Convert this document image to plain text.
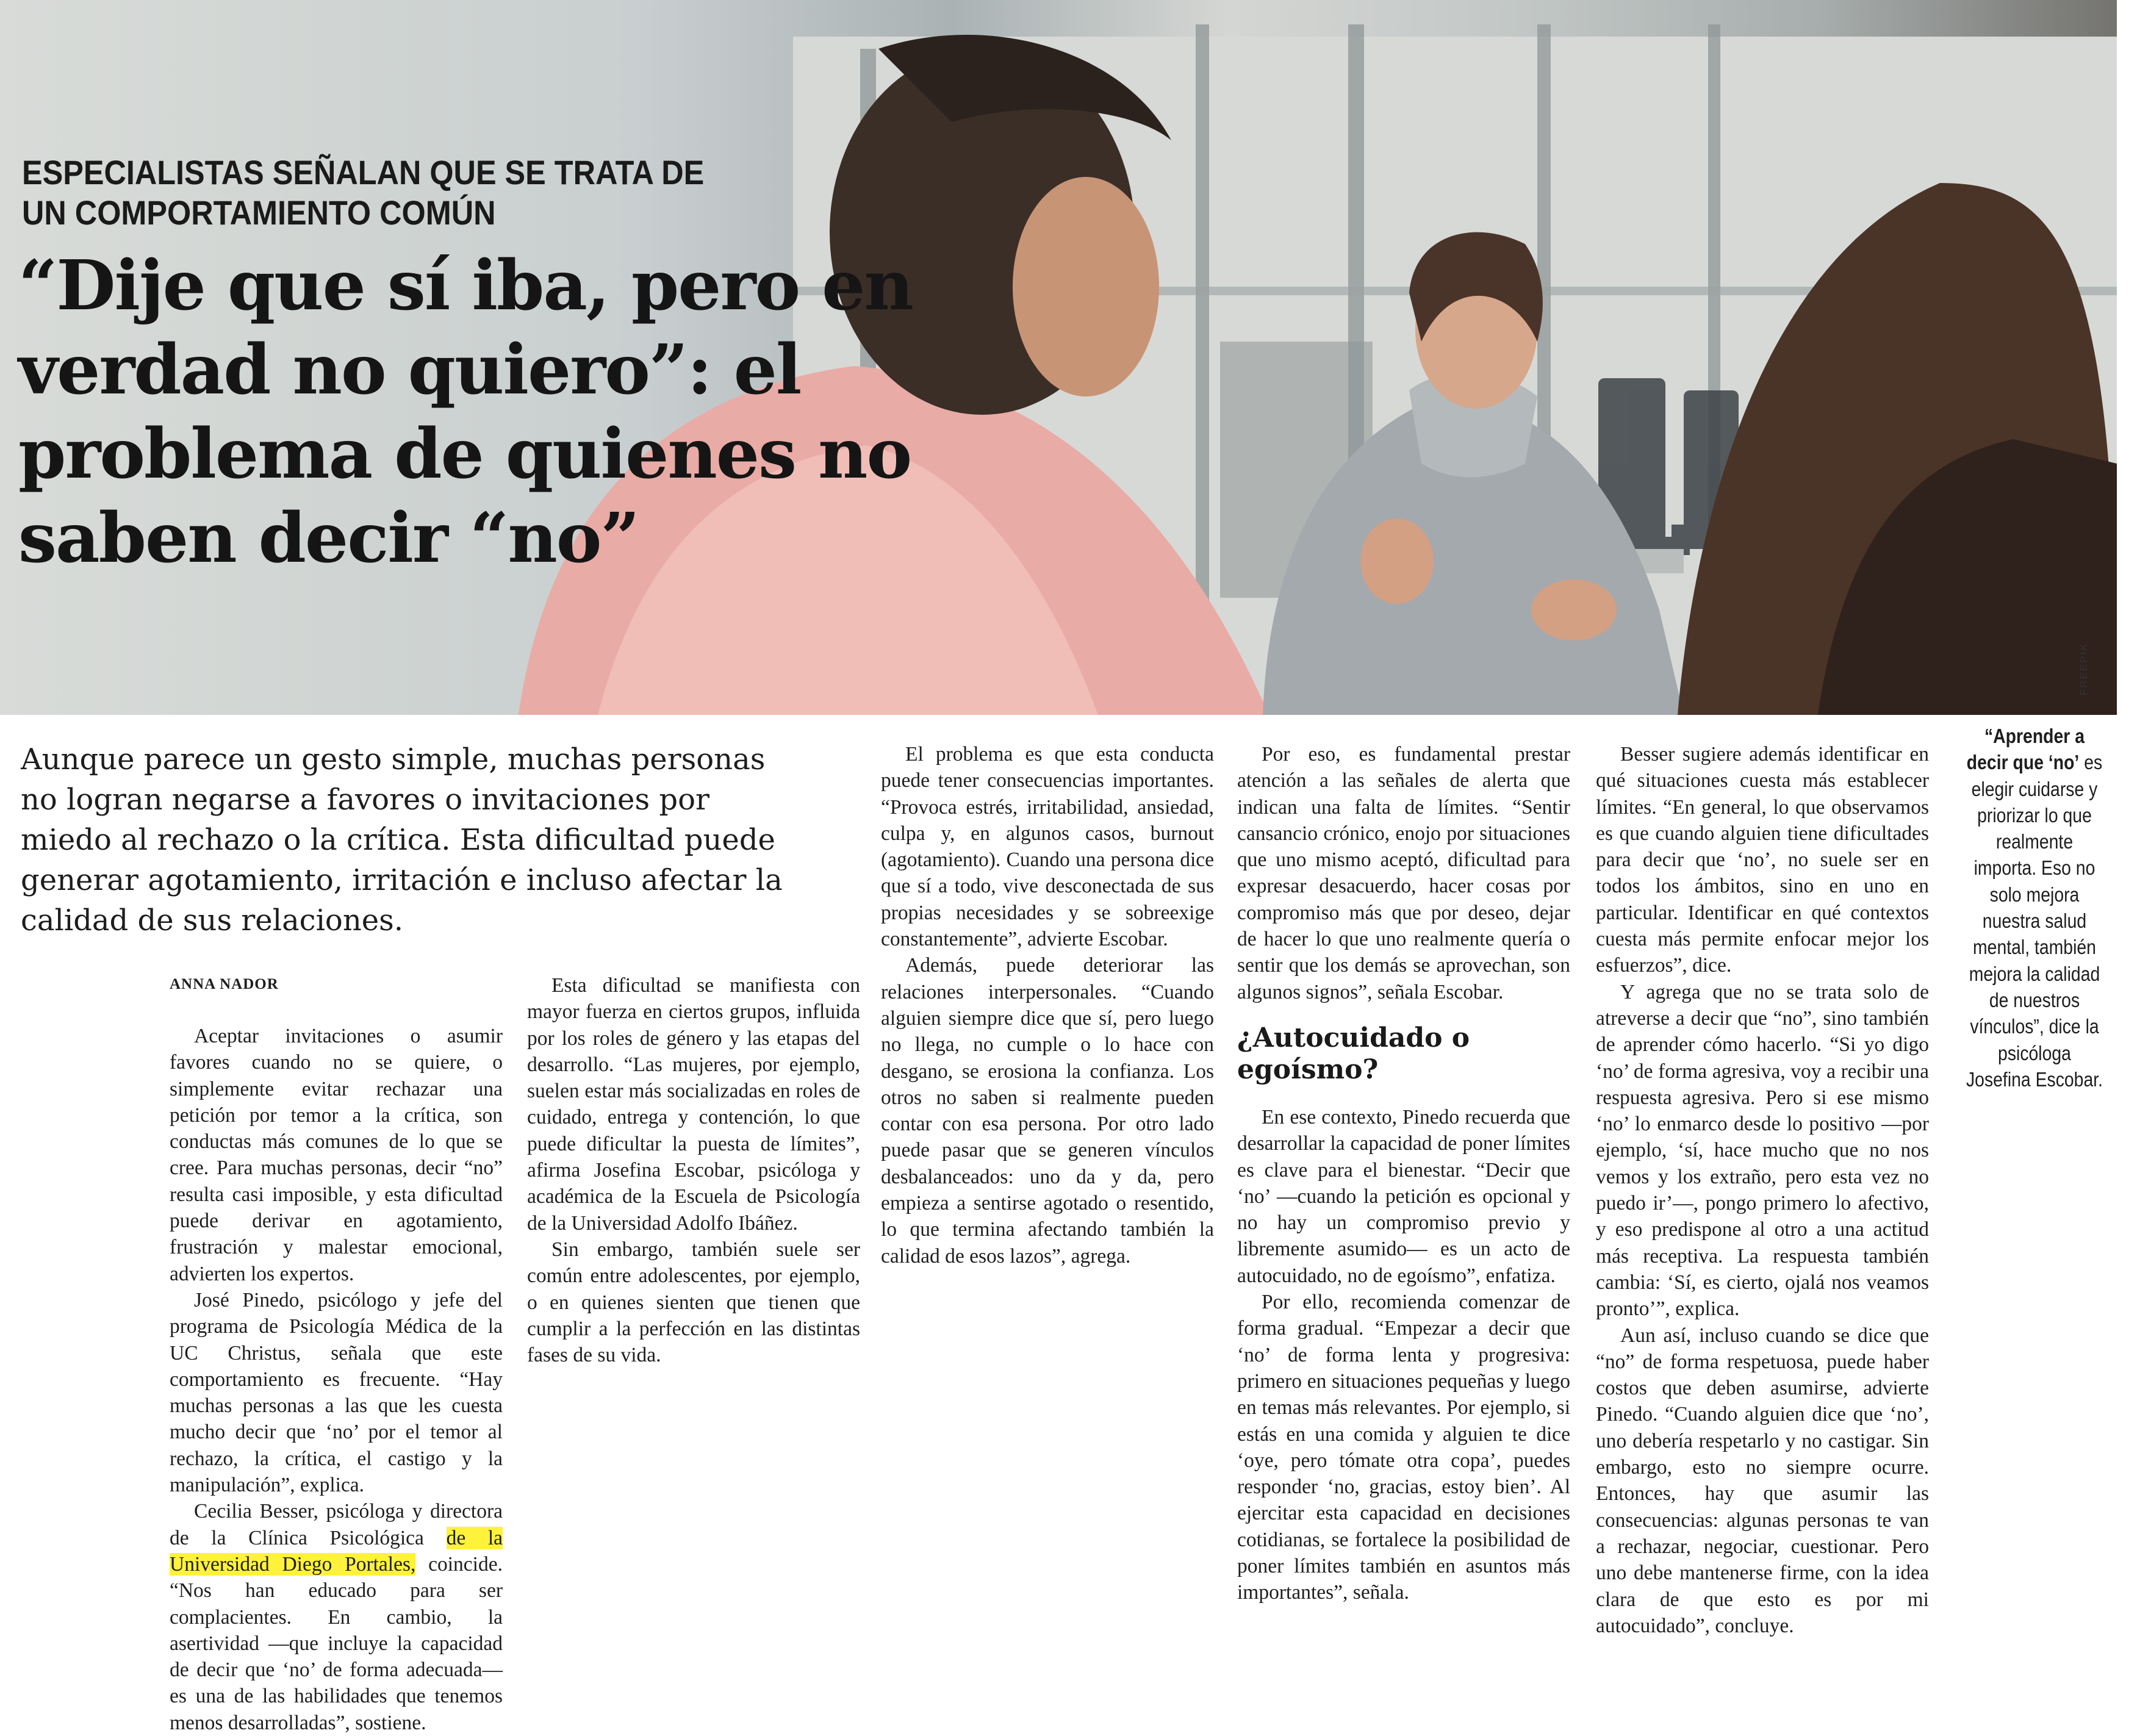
ESPECIALISTAS SEÑALAN QUE SE TRATA DE UN COMPORTAMIENTO COMÚN
“Dije que sí iba, pero en verdad no quiero”: el problema de quienes no saben decir “no”
Aunque parece un gesto simple, muchas personas no logran negarse a favores o invitaciones por miedo al rechazo o la crítica. Esta dificultad puede generar agotamiento, irritación e incluso afectar la calidad de sus relaciones.
ANNA NADOR

Aceptar invitaciones o asumir favores cuando no se quiere, o simplemente evitar rechazar una petición por temor a la crítica, son conductas más comunes de lo que se cree. Para muchas personas, decir “no” resulta casi imposible, y esta dificultad puede derivar en agotamiento, frustración y malestar emocional, advierten los expertos.

José Pinedo, psicólogo y jefe del programa de Psicología Médica de la UC Christus, señala que este comportamiento es frecuente. “Hay muchas personas a las que les cuesta mucho decir que ‘no’ por el temor al rechazo, la crítica, el castigo y la manipulación”, explica.

Cecilia Besser, psicóloga y directora de la Clínica Psicológica de la Universidad Diego Portales, coincide. “Nos han educado para ser complacientes. En cambio, la asertividad —que incluye la capacidad de decir que ‘no’ de forma adecuada— es una de las habilidades que tenemos menos desarrolladas”, sostiene.

Esta dificultad se manifiesta con mayor fuerza en ciertos grupos, influida por los roles de género y las etapas del desarrollo. “Las mujeres, por ejemplo, suelen estar más socializadas en roles de cuidado, entrega y contención, lo que puede dificultar la puesta de límites”, afirma Josefina Escobar, psicóloga y académica de la Escuela de Psicología de la Universidad Adolfo Ibáñez.

Sin embargo, también suele ser común entre adolescentes, por ejemplo, o en quienes sienten que tienen que cumplir a la perfección en las distintas fases de su vida.

El problema es que esta conducta puede tener consecuencias importantes. “Provoca estrés, irritabilidad, ansiedad, culpa y, en algunos casos, burnout (agotamiento). Cuando una persona dice que sí a todo, vive desconectada de sus propias necesidades y se sobreexige constantemente”, advierte Escobar.

Además, puede deteriorar las relaciones interpersonales. “Cuando alguien siempre dice que sí, pero luego no llega, no cumple o lo hace con desgano, se erosiona la confianza. Los otros no saben si realmente pueden contar con esa persona. Por otro lado puede pasar que se generen vínculos desbalanceados: uno da y da, pero empieza a sentirse agotado o resentido, lo que termina afectando también la calidad de esos lazos”, agrega.

Por eso, es fundamental prestar atención a las señales de alerta que indican una falta de límites. “Sentir cansancio crónico, enojo por situaciones que uno mismo aceptó, dificultad para expresar desacuerdo, hacer cosas por compromiso más que por deseo, dejar de hacer lo que uno realmente quería o sentir que los demás se aprovechan, son algunos signos”, señala Escobar.

¿Autocuidado o egoísmo?

En ese contexto, Pinedo recuerda que desarrollar la capacidad de poner límites es clave para el bienestar. “Decir que ‘no’ —cuando la petición es opcional y no hay un compromiso previo y libremente asumido— es un acto de autocuidado, no de egoísmo”, enfatiza.

Por ello, recomienda comenzar de forma gradual. “Empezar a decir que ‘no’ de forma lenta y progresiva: primero en situaciones pequeñas y luego en temas más relevantes. Por ejemplo, si estás en una comida y alguien te dice ‘oye, pero tómate otra copa’, puedes responder ‘no, gracias, estoy bien’. Al ejercitar esta capacidad en decisiones cotidianas, se fortalece la posibilidad de poner límites también en asuntos más importantes”, señala.

Besser sugiere además identificar en qué situaciones cuesta más establecer límites. “En general, lo que observamos es que cuando alguien tiene dificultades para decir que ‘no’, no suele ser en todos los ámbitos, sino en uno en particular. Identificar en qué contextos cuesta más permite enfocar mejor los esfuerzos”, dice.

Y agrega que no se trata solo de atreverse a decir que “no”, sino también de aprender cómo hacerlo. “Si yo digo ‘no’ de forma agresiva, voy a recibir una respuesta agresiva. Pero si ese mismo ‘no’ lo enmarco desde lo positivo —por ejemplo, ‘sí, hace mucho que no nos vemos y los extraño, pero esta vez no puedo ir’—, pongo primero lo afectivo, y eso predispone al otro a una actitud más receptiva. La respuesta también cambia: ‘Sí, es cierto, ojalá nos veamos pronto’”, explica.

Aun así, incluso cuando se dice que “no” de forma respetuosa, puede haber costos que deben asumirse, advierte Pinedo. “Cuando alguien dice que ‘no’, uno debería respetarlo y no castigar. Sin embargo, esto no siempre ocurre. Entonces, hay que asumir las consecuencias: algunas personas te van a rechazar, negociar, cuestionar. Pero uno debe mantenerse firme, con la idea clara de que esto es por mi autocuidado”, concluye.

“Aprender a decir que ‘no’ es elegir cuidarse y priorizar lo que realmente importa. Eso no solo mejora nuestra salud mental, también mejora la calidad de nuestros vínculos”, dice la psicóloga Josefina Escobar.
